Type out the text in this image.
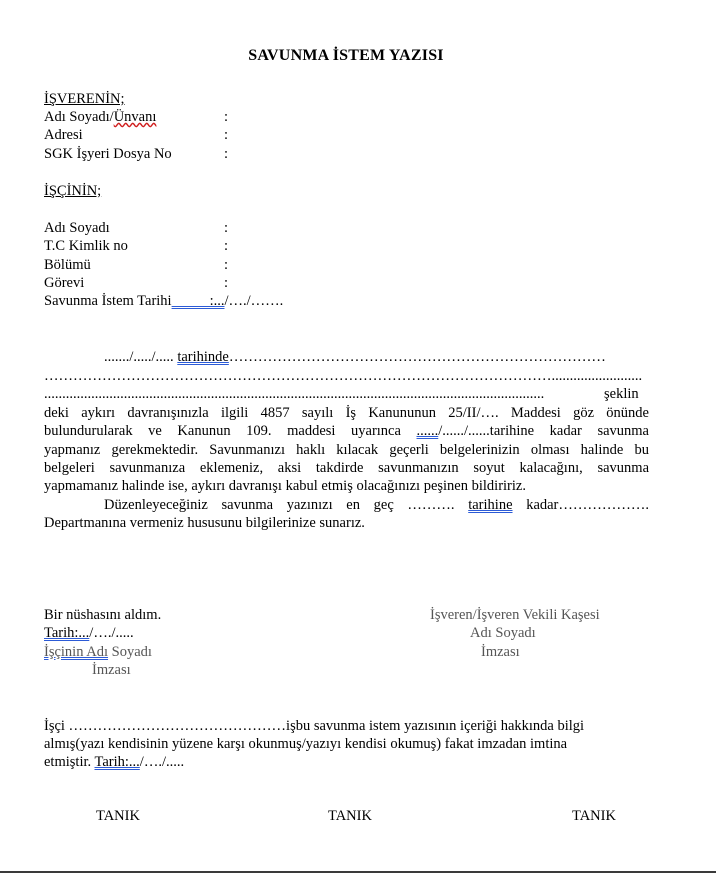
SAVUNMA İSTEM YAZISI
İŞVERENİN;
Adı Soyadı/Ünvanı	:
Adresi	:
SGK İşyeri Dosya No	:
İŞÇİNİN;
Adı Soyadı	:
T.C Kimlik no	:
Bölümü	:
Görevi	:
Savunma İstem Tarihi	:.../…./…….
......./...../..... tarihinde……………………………………………………………………
…………………………………………………………………………………………….........................
..........................................................................................................................................	şeklin
deki aykırı davranışınızla ilgili 4857 sayılı İş Kanununun 25/II/…. Maddesi göz önünde
bulundurularak ve Kanunun 109. maddesi uyarınca ....../....../......tarihine kadar savunma
yapmanız gerekmektedir. Savunmanızı haklı kılacak geçerli belgelerinizin olması halinde bu
belgeleri savunmanıza eklemeniz, aksi takdirde savunmanızın soyut kalacağını, savunma
yapmamanız halinde ise, aykırı davranışı kabul etmiş olacağınızı peşinen bildiririz.
Düzenleyeceğiniz savunma yazınızı en geç ………. tarihine kadar……………….
Departmanına vermeniz hususunu bilgilerinize sunarız.
Bir nüshasını aldım.
Tarih:.../…./.....
İşçinin Adı Soyadı
İmzası
İşveren/İşveren Vekili Kaşesi
Adı Soyadı
İmzası
İşçi ………………………………………işbu savunma istem yazısının içeriği hakkında bilgi
almış(yazı kendisinin yüzene karşı okunmuş/yazıyı kendisi okumuş) fakat imzadan imtina
etmiştir. Tarih:.../…./.....
TANIK	TANIK	TANIK
